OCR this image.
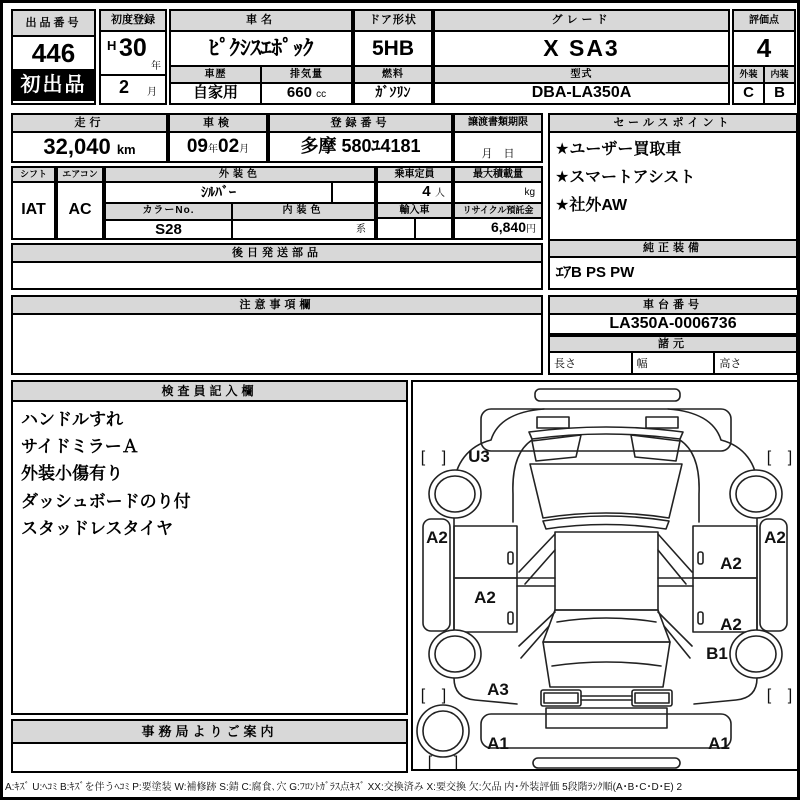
出品番号
446
初出品
初度登録
H 30
年
2 月
車名
ﾋﾟｸｼｽｴﾎﾟｯｸ
車歴	排気量
自家用	660 cc
ドア形状
5HB
燃料
ｶﾞｿﾘﾝ
グレード
X SA3
型式
DBA-LA350A
評価点
4
外装	内装
C	B
走行
32,040 km
車検
09年02月
登録番号
多摩 580ﾕ4181
譲渡書類期限
月　日
シフト
IAT
エアコン
AC
外装色
ｼﾙﾊﾞｰ
カラーNo.	内装色
S28	系
乗車定員
4 人
輸入車
最大積載量
kg
リサイクル預託金
6,840円
セールスポイント
★ユーザー買取車
★スマートアシスト
★社外AW
純正装備
ｴｱB PS PW
後日発送部品
注意事項欄	車台番号
LA350A-0006736
諸元
長さ	幅	高さ
検査員記入欄
ハンドルすれ
サイドミラーＡ
外装小傷有り
ダッシュボードのり付
スタッドレスタイヤ
事務局よりご案内
U3
A2
A2
A3
A1
A2
A2
A2
B1
A1
[ ]	[ ]
[ ]	[ ]
[ ]
A:ｷｽﾞ U:ﾍｺﾐ B:ｷｽﾞを伴うﾍｺﾐ P:要塗装 W:補修跡 S:錆 C:腐食､穴 G:ﾌﾛﾝﾄｶﾞﾗｽ点ｷｽﾞ XX:交換済み X:要交換 欠:欠品 内･外装評価 5段階ﾗﾝｸ順(A･B･C･D･E) 2
